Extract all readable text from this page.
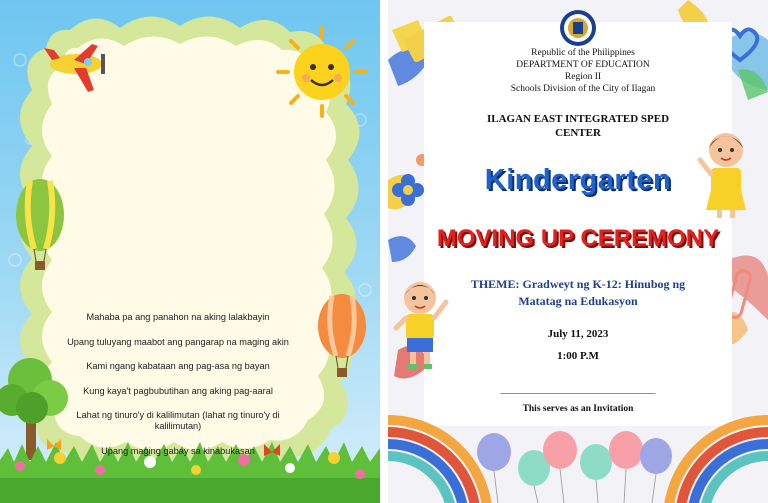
Mahaba pa ang panahon na aking lalakbayin
Upang tuluyang maabot ang pangarap na maging akin
Kami ngang kabataan ang pag-asa ng bayan
Kung kaya't pagbubutihan ang aking pag-aaral
Lahat ng tinuro'y di kalilimutan (lahat ng tinuro'y di kalilimutan)
Upang maging gabay sa kinabukasan
Republic of the Philippines
DEPARTMENT OF EDUCATION
Region II
Schools Division of the City of Ilagan
ILAGAN EAST INTEGRATED SPED CENTER
Kindergarten
MOVING UP CEREMONY
THEME: Gradweyt ng K-12: Hinubog ng Matatag na Edukasyon
July 11, 2023
1:00 P.M
_______________________________
This serves as an Invitation
